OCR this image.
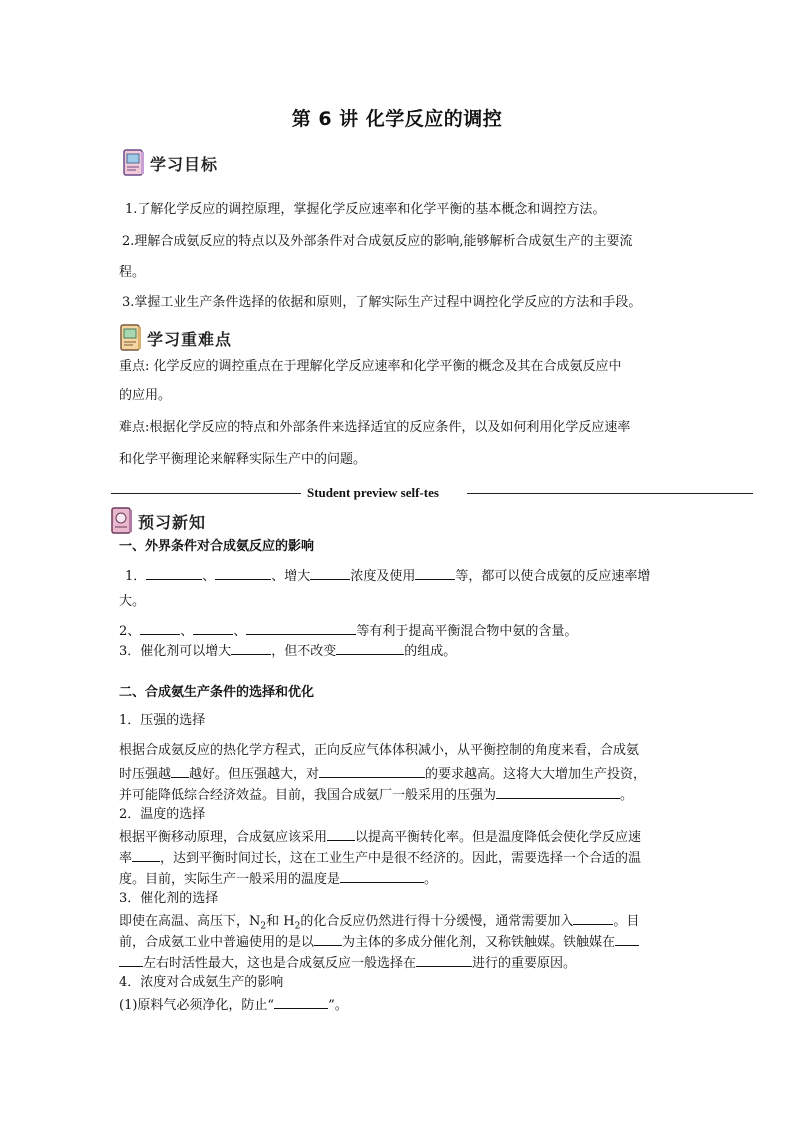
第 6 讲 化学反应的调控
学习目标
1.了解化学反应的调控原理，掌握化学反应速率和化学平衡的基本概念和调控方法。
2.理解合成氨反应的特点以及外部条件对合成氨反应的影响,能够解析合成氨生产的主要流
程。
3.掌握工业生产条件选择的依据和原则，了解实际生产过程中调控化学反应的方法和手段。
学习重难点
重点: 化学反应的调控重点在于理解化学反应速率和化学平衡的概念及其在合成氨反应中
的应用。
难点:根据化学反应的特点和外部条件来选择适宜的反应条件，以及如何利用化学反应速率
和化学平衡理论来解释实际生产中的问题。
Student preview self-tes
预习新知
一、外界条件对合成氨反应的影响
1．	、	、增大	浓度及使用	等，都可以使合成氨的反应速率增
大。
2、	、	、	等有利于提高平衡混合物中氨的含量。
3．催化剂可以增大	，但不改变	的组成。
二、合成氨生产条件的选择和优化
1．压强的选择
根据合成氨反应的热化学方程式，正向反应气体体积减小，从平衡控制的角度来看，合成氨
时压强越 越好。但压强越大，对	的要求越高。这将大大增加生产投资，
并可能降低综合经济效益。目前，我国合成氨厂一般采用的压强为	。
2．温度的选择
根据平衡移动原理，合成氨应该采用 以提高平衡转化率。但是温度降低会使化学反应速
率 ，达到平衡时间过长，这在工业生产中是很不经济的。因此，需要选择一个合适的温
度。目前，实际生产一般采用的温度是	。
3．催化剂的选择
即使在高温、高压下，$N_2$和 $H_2$的化合反应仍然进行得十分缓慢，通常需要加入	。目
前，合成氨工业中普遍使用的是以 为主体的多成分催化剂，又称铁触媒。铁触媒在
左右时活性最大，这也是合成氨反应一般选择在	进行的重要原因。
4．浓度对合成氨生产的影响
(1)原料气必须净化，防止“	”。
